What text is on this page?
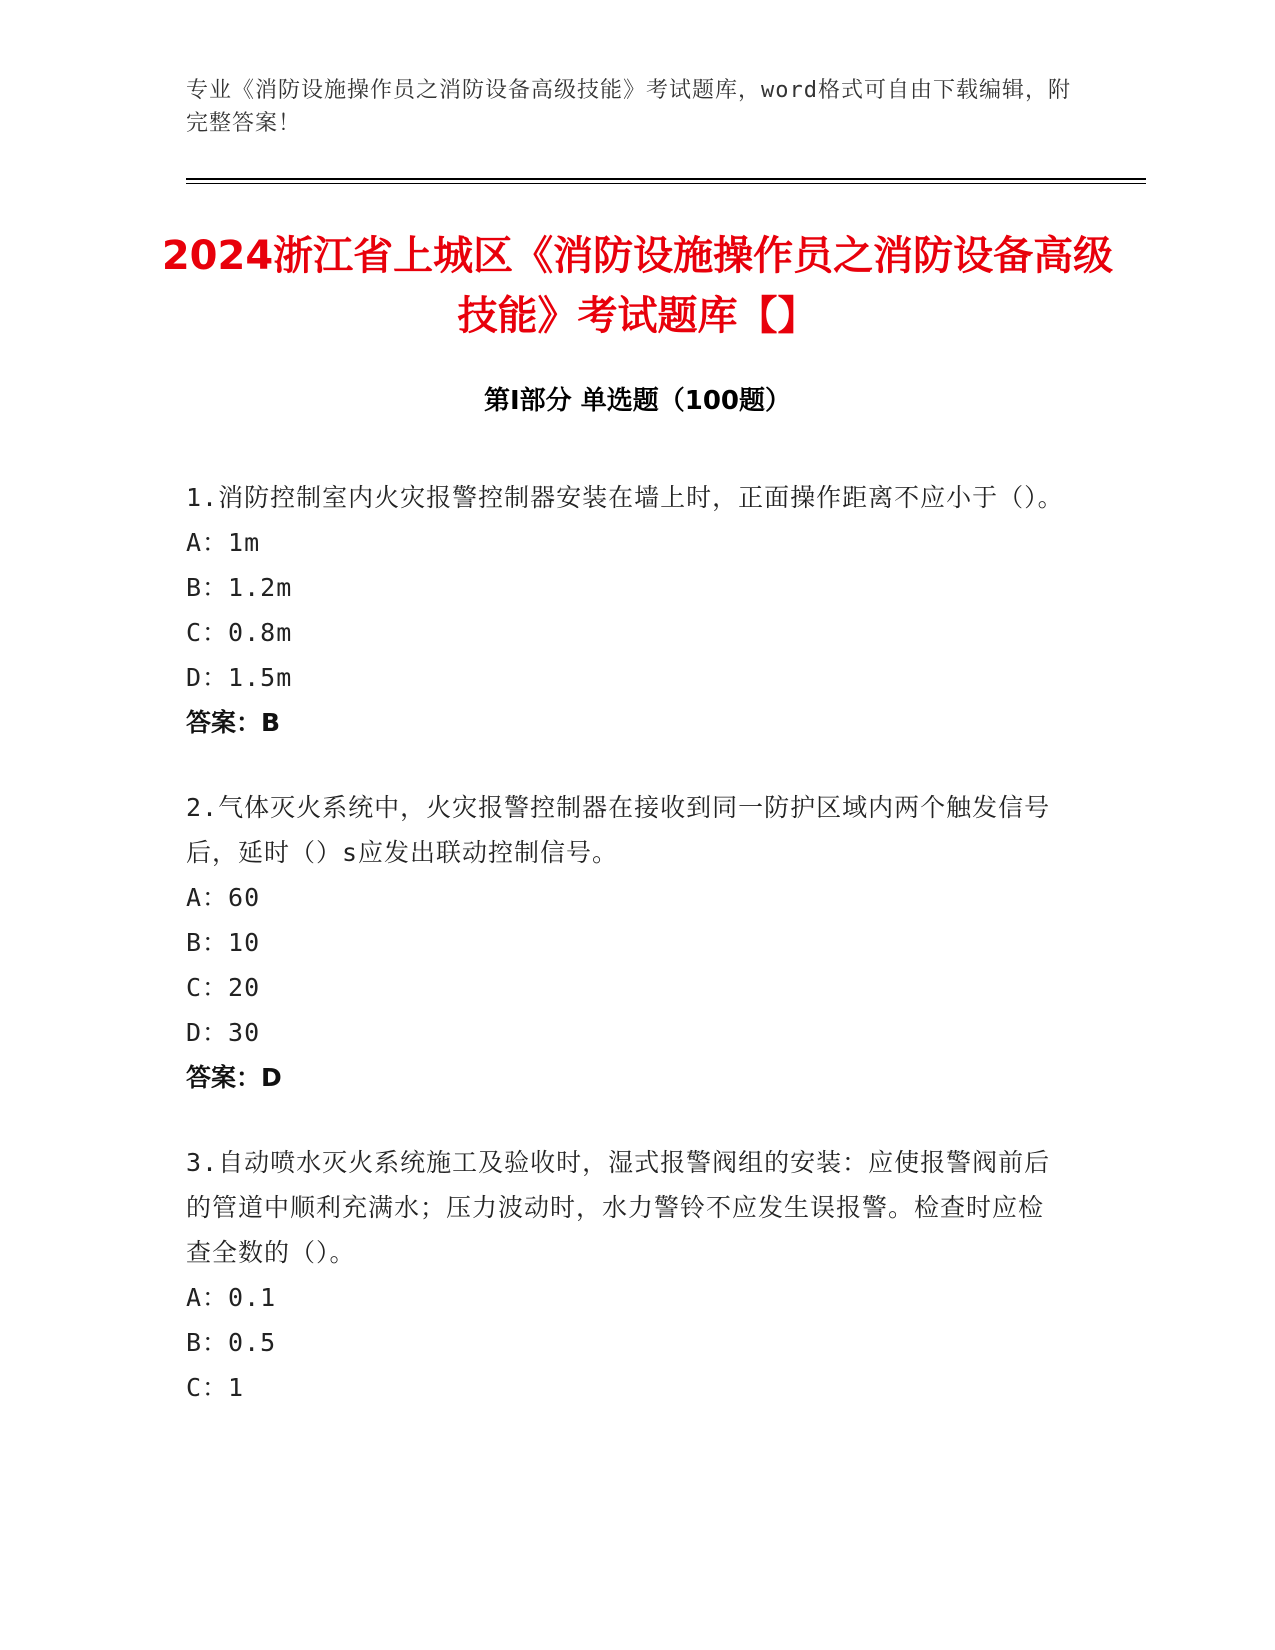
专业《消防设施操作员之消防设备高级技能》考试题库，word格式可自由下载编辑，附完整答案！
2024浙江省上城区《消防设施操作员之消防设备高级技能》考试题库【】
第I部分 单选题（100题）
1.消防控制室内火灾报警控制器安装在墙上时，正面操作距离不应小于（）。
A：1m
B：1.2m
C：0.8m
D：1.5m
答案：B
2.气体灭火系统中，火灾报警控制器在接收到同一防护区域内两个触发信号后，延时（）s应发出联动控制信号。
A：60
B：10
C：20
D：30
答案：D
3.自动喷水灭火系统施工及验收时，湿式报警阀组的安装：应使报警阀前后的管道中顺利充满水；压力波动时，水力警铃不应发生误报警。检查时应检查全数的（）。
A：0.1
B：0.5
C：1
